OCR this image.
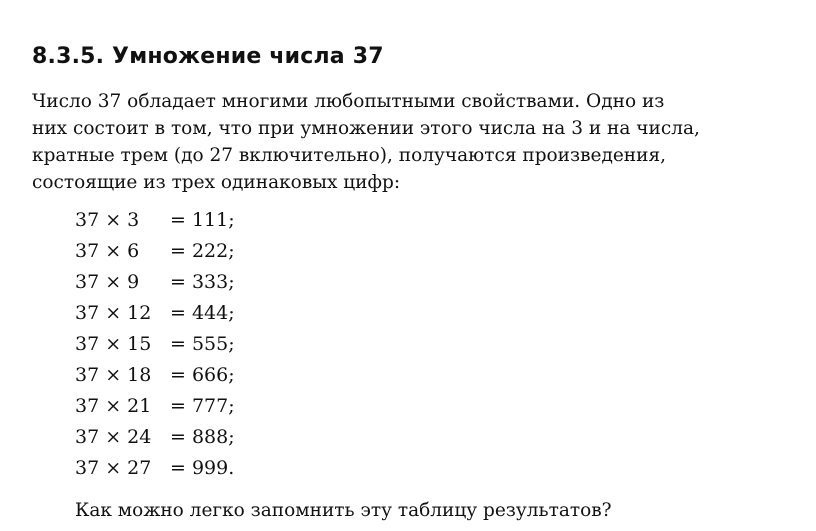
8.3.5. Умножение числа 37
Число 37 обладает многими любопытными свойствами. Одно из
них состоит в том, что при умножении этого числа на 3 и на числа,
кратные трем (до 27 включительно), получаются произведения,
состоящие из трех одинаковых цифр:
37 × 3 = 111;
37 × 6 = 222;
37 × 9 = 333;
37 × 12 = 444;
37 × 15 = 555;
37 × 18 = 666;
37 × 21 = 777;
37 × 24 = 888;
37 × 27 = 999.
Как можно легко запомнить эту таблицу результатов?
